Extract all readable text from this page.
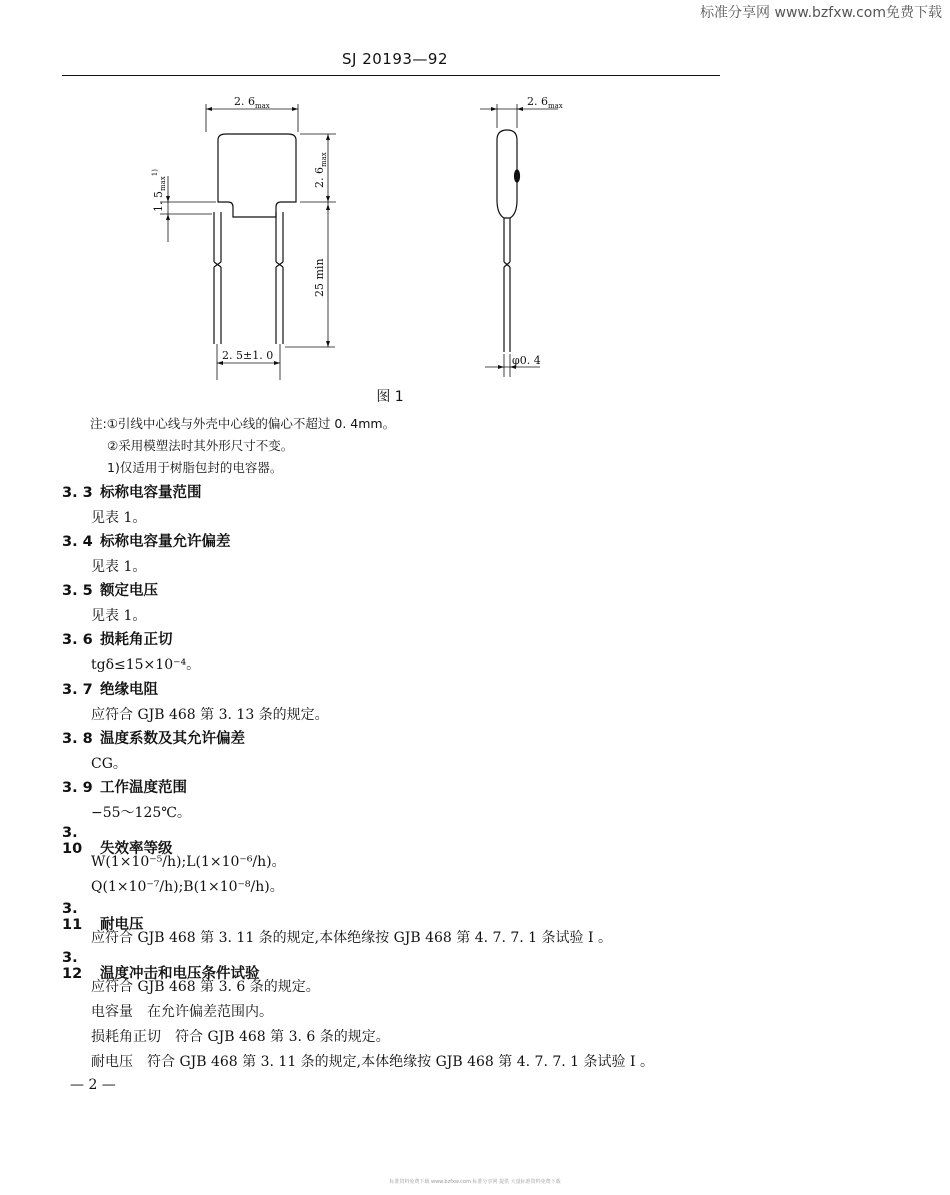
标准分享网 www.bzfxw.com免费下载
SJ 20193—92
2. $6_{max}$
2. $6_{max}$
25 min
1. $5_{max}^{1)}$
2. 5±1. 0
2. $6_{max}$
φ0. 4
图 1
注:①引线中心线与外壳中心线的偏心不超过 0. 4mm。
②采用模塑法时其外形尺寸不变。
1)仅适用于树脂包封的电容器。
3. 3 标称电容量范围
见表 1。
3. 4 标称电容量允许偏差
见表 1。
3. 5 额定电压
见表 1。
3. 6 损耗角正切
tgδ≤15×10⁻⁴。
3. 7 绝缘电阻
应符合 GJB 468 第 3. 13 条的规定。
3. 8 温度系数及其允许偏差
CG。
3. 9 工作温度范围
−55～125℃。
3. 10 失效率等级
W(1×10⁻⁵/h);L(1×10⁻⁶/h)。
Q(1×10⁻⁷/h);B(1×10⁻⁸/h)。
3. 11 耐电压
应符合 GJB 468 第 3. 11 条的规定,本体绝缘按 GJB 468 第 4. 7. 7. 1 条试验 Ⅰ 。
3. 12 温度冲击和电压条件试验
应符合 GJB 468 第 3. 6 条的规定。
电容量　在允许偏差范围内。
损耗角正切　符合 GJB 468 第 3. 6 条的规定。
耐电压　符合 GJB 468 第 3. 11 条的规定,本体绝缘按 GJB 468 第 4. 7. 7. 1 条试验 Ⅰ 。
— 2 —
标准资料免费下载 www.bzfxw.com 标准分享网 提供 大量标准资料免费下载
